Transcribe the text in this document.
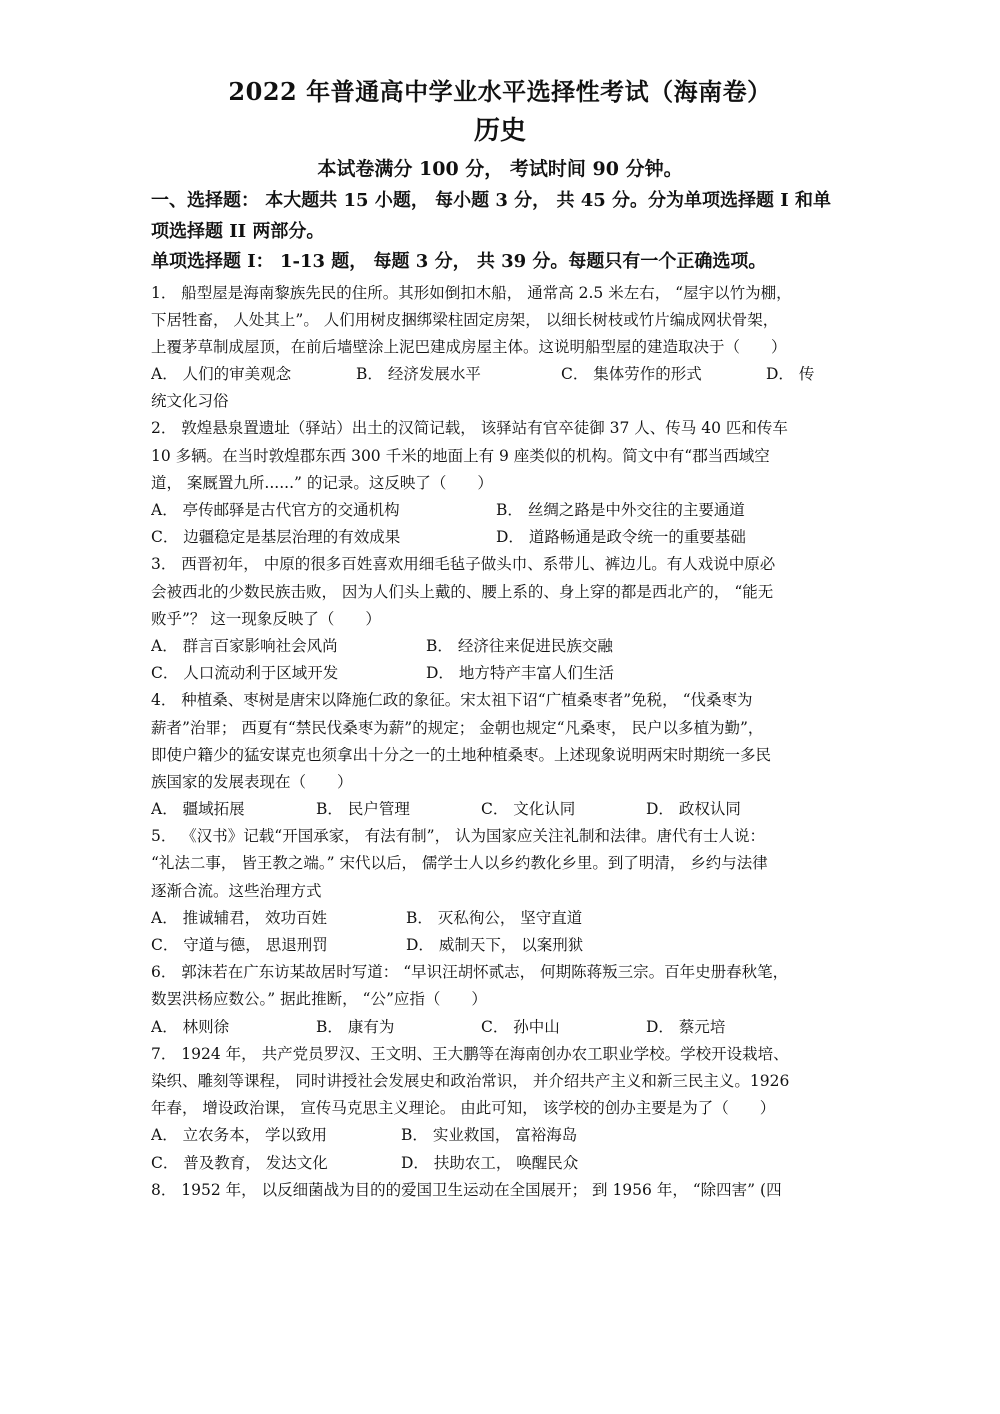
2022 年普通高中学业水平选择性考试（海南卷）
历史
本试卷满分 100 分， 考试时间 90 分钟。
一、选择题： 本大题共 15 小题， 每小题 3 分， 共 45 分。分为单项选择题 I 和单
项选择题 II 两部分。
单项选择题 I： 1-13 题， 每题 3 分， 共 39 分。每题只有一个正确选项。
1． 船型屋是海南黎族先民的住所。其形如倒扣木船， 通常高 2.5 米左右， “屋宇以竹为棚，
下居牲畜， 人处其上”。 人们用树皮捆绑梁柱固定房架， 以细长树枝或竹片编成网状骨架，
上覆茅草制成屋顶，在前后墙壁涂上泥巴建成房屋主体。这说明船型屋的建造取决于（　　）
A． 人们的审美观念	B． 经济发展水平	C． 集体劳作的形式	D． 传
统文化习俗
2． 敦煌悬泉置遗址（驿站）出土的汉简记载， 该驿站有官卒徒御 37 人、传马 40 匹和传车
10 多辆。在当时敦煌郡东西 300 千米的地面上有 9 座类似的机构。简文中有“郡当西域空
道， 案厩置九所......” 的记录。这反映了（　　）
A． 亭传邮驿是古代官方的交通机构	B． 丝绸之路是中外交往的主要通道
C． 边疆稳定是基层治理的有效成果	D． 道路畅通是政令统一的重要基础
3． 西晋初年， 中原的很多百姓喜欢用细毛毡子做头巾、系带儿、裤边儿。有人戏说中原必
会被西北的少数民族击败， 因为人们头上戴的、腰上系的、身上穿的都是西北产的， “能无
败乎”？ 这一现象反映了（　　）
A． 群言百家影响社会风尚	B． 经济往来促进民族交融
C． 人口流动利于区域开发	D． 地方特产丰富人们生活
4． 种植桑、枣树是唐宋以降施仁政的象征。宋太祖下诏“广植桑枣者”免税， “伐桑枣为
薪者”治罪； 西夏有“禁民伐桑枣为薪”的规定； 金朝也规定“凡桑枣， 民户以多植为勤”，
即使户籍少的猛安谋克也须拿出十分之一的土地种植桑枣。上述现象说明两宋时期统一多民
族国家的发展表现在（　　）
A． 疆域拓展	B． 民户管理	C． 文化认同	D． 政权认同
5． 《汉书》记载“开国承家， 有法有制”， 认为国家应关注礼制和法律。唐代有士人说：
“礼法二事， 皆王教之端。” 宋代以后， 儒学士人以乡约教化乡里。到了明清， 乡约与法律
逐渐合流。这些治理方式
A． 推诚辅君， 效功百姓	B． 灭私徇公， 坚守直道
C． 守道与德， 思退刑罚	D． 威制天下， 以案刑狱
6． 郭沫若在广东访某故居时写道： “早识汪胡怀贰志， 何期陈蒋叛三宗。百年史册春秋笔，
数罢洪杨应数公。” 据此推断， “公”应指（　　）
A． 林则徐	B． 康有为	C． 孙中山	D． 蔡元培
7． 1924 年， 共产党员罗汉、王文明、王大鹏等在海南创办农工职业学校。学校开设栽培、
染织、雕刻等课程， 同时讲授社会发展史和政治常识， 并介绍共产主义和新三民主义。1926
年春， 增设政治课， 宣传马克思主义理论。 由此可知， 该学校的创办主要是为了（　　）
A． 立农务本， 学以致用	B． 实业救国， 富裕海岛
C． 普及教育， 发达文化	D． 扶助农工， 唤醒民众
8． 1952 年， 以反细菌战为目的的爱国卫生运动在全国展开； 到 1956 年， “除四害” (四
